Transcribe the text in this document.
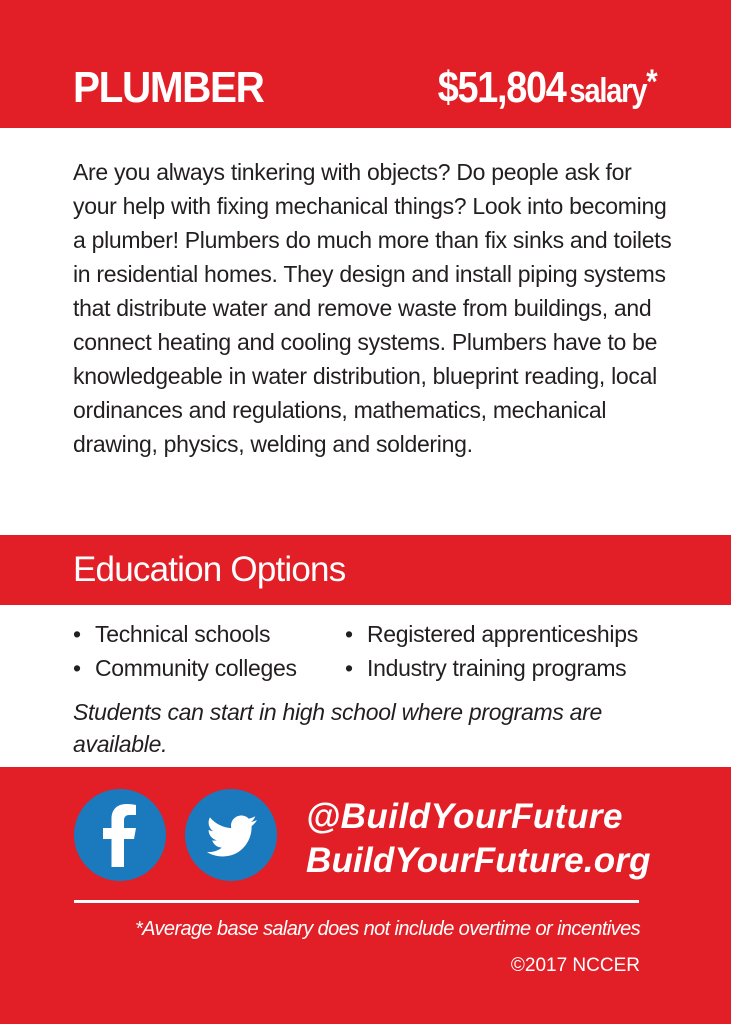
PLUMBER	$51,804 salary*

Are you always tinkering with objects? Do people ask for your help with fixing mechanical things? Look into becoming a plumber! Plumbers do much more than fix sinks and toilets in residential homes. They design and install piping systems that distribute water and remove waste from buildings, and connect heating and cooling systems. Plumbers have to be knowledgeable in water distribution, blueprint reading, local ordinances and regulations, mathematics, mechanical drawing, physics, welding and soldering.

Education Options
• Technical schools
• Community colleges
• Registered apprenticeships
• Industry training programs
Students can start in high school where programs are available.
@BuildYourFuture
BuildYourFuture.org
*Average base salary does not include overtime or incentives
©2017 NCCER
